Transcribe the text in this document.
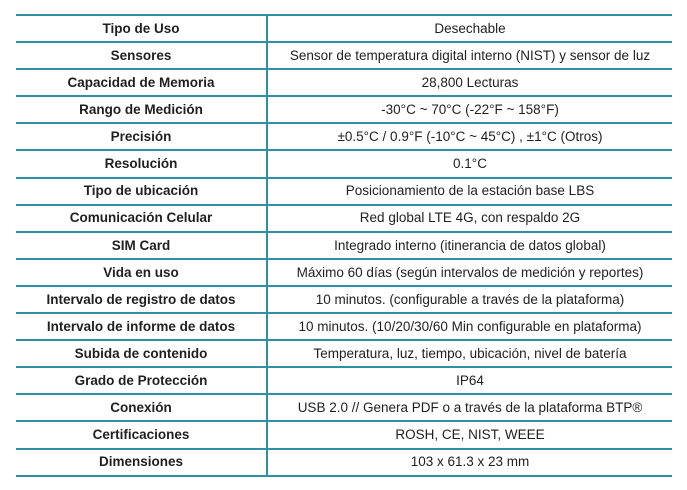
Tipo de Uso	Desechable
Sensores	Sensor de temperatura digital interno (NIST) y sensor de luz
Capacidad de Memoria	28,800 Lecturas
Rango de Medición	-30°C ~ 70°C (-22°F ~ 158°F)
Precisión	±0.5°C / 0.9°F (-10°C ~ 45°C) , ±1°C (Otros)
Resolución	0.1°C
Tipo de ubicación	Posicionamiento de la estación base LBS
Comunicación Celular	Red global LTE 4G, con respaldo 2G
SIM Card	Integrado interno (itinerancia de datos global)
Vida en uso	Máximo 60 días (según intervalos de medición y reportes)
Intervalo de registro de datos	10 minutos. (configurable a través de la plataforma)
Intervalo de informe de datos	10 minutos. (10/20/30/60 Min configurable en plataforma)
Subida de contenido	Temperatura, luz, tiempo, ubicación, nivel de batería
Grado de Protección	IP64
Conexión	USB 2.0 // Genera PDF o a través de la plataforma BTP®
Certificaciones	ROSH, CE, NIST, WEEE
Dimensiones	103 x 61.3 x 23 mm
